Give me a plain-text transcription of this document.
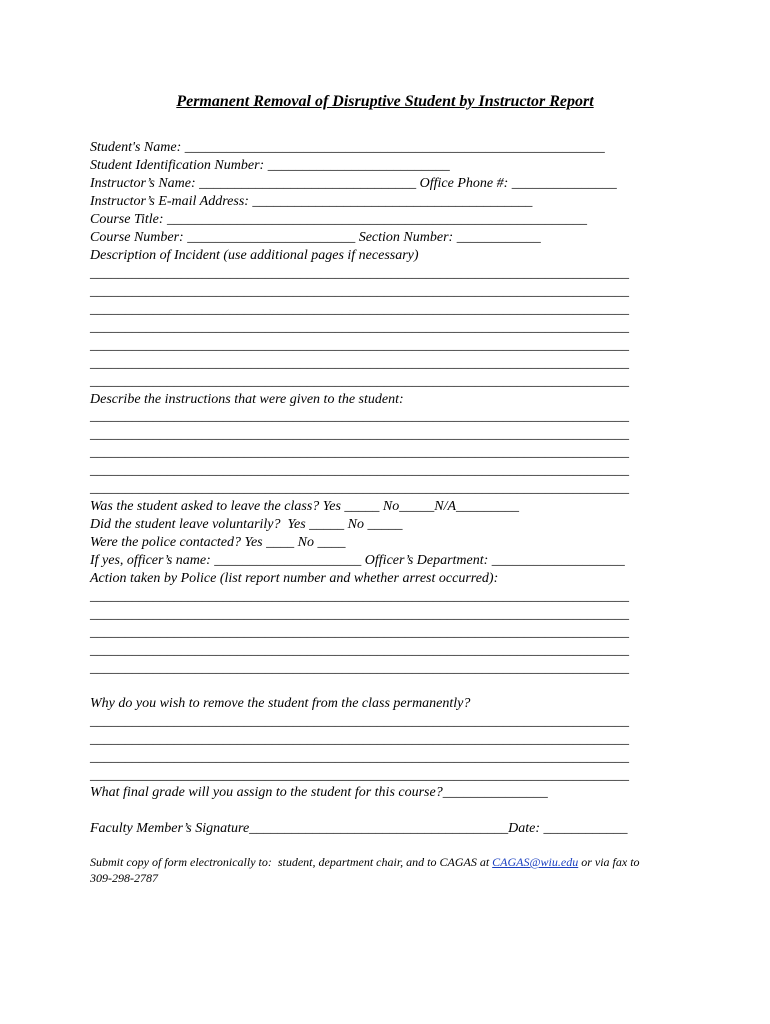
Permanent Removal of Disruptive Student by Instructor Report
Student's Name: ____________________________________________________________
Student Identification Number: __________________________
Instructor’s Name: _______________________________ Office Phone #: _______________
Instructor’s E-mail Address: ________________________________________
Course Title: ____________________________________________________________
Course Number: ________________________ Section Number: ____________
Description of Incident (use additional pages if necessary)
_____________________________________________________________________________
_____________________________________________________________________________
_____________________________________________________________________________
_____________________________________________________________________________
_____________________________________________________________________________
_____________________________________________________________________________
_____________________________________________________________________________
Describe the instructions that were given to the student:
_____________________________________________________________________________
_____________________________________________________________________________
_____________________________________________________________________________
_____________________________________________________________________________
_____________________________________________________________________________
Was the student asked to leave the class? Yes _____ No_____N/A_________
Did the student leave voluntarily?  Yes _____ No _____
Were the police contacted? Yes ____ No ____
If yes, officer’s name: _____________________ Officer’s Department: ___________________
Action taken by Police (list report number and whether arrest occurred):
_____________________________________________________________________________
_____________________________________________________________________________
_____________________________________________________________________________
_____________________________________________________________________________
_____________________________________________________________________________
Why do you wish to remove the student from the class permanently?
_____________________________________________________________________________
_____________________________________________________________________________
_____________________________________________________________________________
_____________________________________________________________________________
What final grade will you assign to the student for this course?_______________
Faculty Member’s Signature_____________________________________Date: ____________
Submit copy of form electronically to:  student, department chair, and to CAGAS at CAGAS@wiu.edu or via fax to
309-298-2787
